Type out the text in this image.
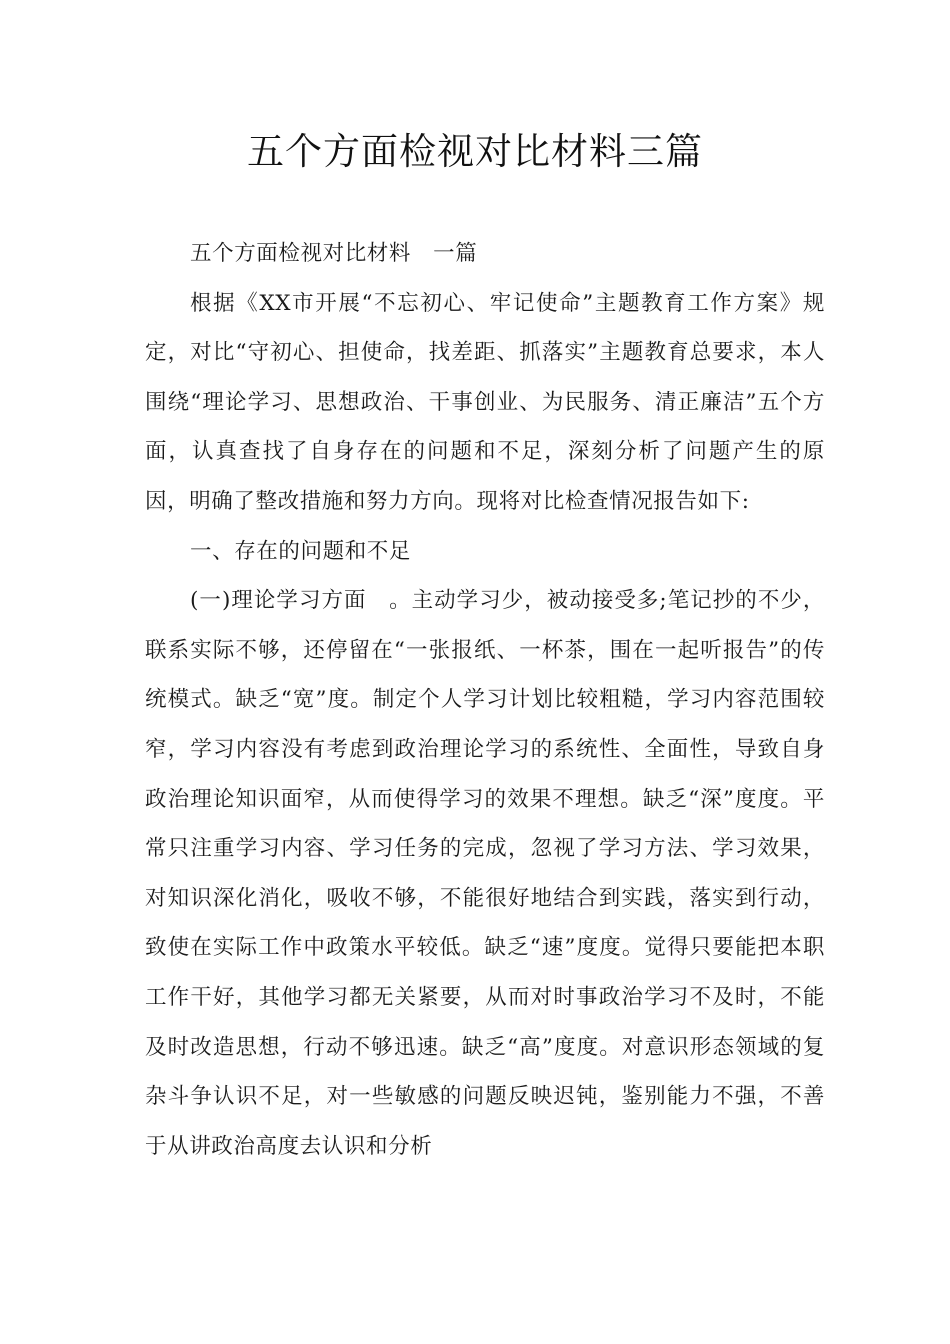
五个方面检视对比材料三篇

五个方面检视对比材料　一篇

根据《XX市开展“不忘初心、牢记使命”主题教育工作方案》规定，对比“守初心、担使命，找差距、抓落实”主题教育总要求，本人围绕“理论学习、思想政治、干事创业、为民服务、清正廉洁”五个方面，认真查找了自身存在的问题和不足，深刻分析了问题产生的原因，明确了整改措施和努力方向。现将对比检查情况报告如下:

一、存在的问题和不足

(一)理论学习方面　。主动学习少，被动接受多;笔记抄的不少，联系实际不够，还停留在“一张报纸、一杯茶，围在一起听报告”的传统模式。缺乏“宽”度。制定个人学习计划比较粗糙，学习内容范围较窄，学习内容没有考虑到政治理论学习的系统性、全面性，导致自身政治理论知识面窄，从而使得学习的效果不理想。缺乏“深”度度。平常只注重学习内容、学习任务的完成，忽视了学习方法、学习效果，对知识深化消化，吸收不够，不能很好地结合到实践，落实到行动，致使在实际工作中政策水平较低。缺乏“速”度度。觉得只要能把本职工作干好，其他学习都无关紧要，从而对时事政治学习不及时，不能及时改造思想，行动不够迅速。缺乏“高”度度。对意识形态领域的复杂斗争认识不足，对一些敏感的问题反映迟钝，鉴别能力不强，不善于从讲政治高度去认识和分析
